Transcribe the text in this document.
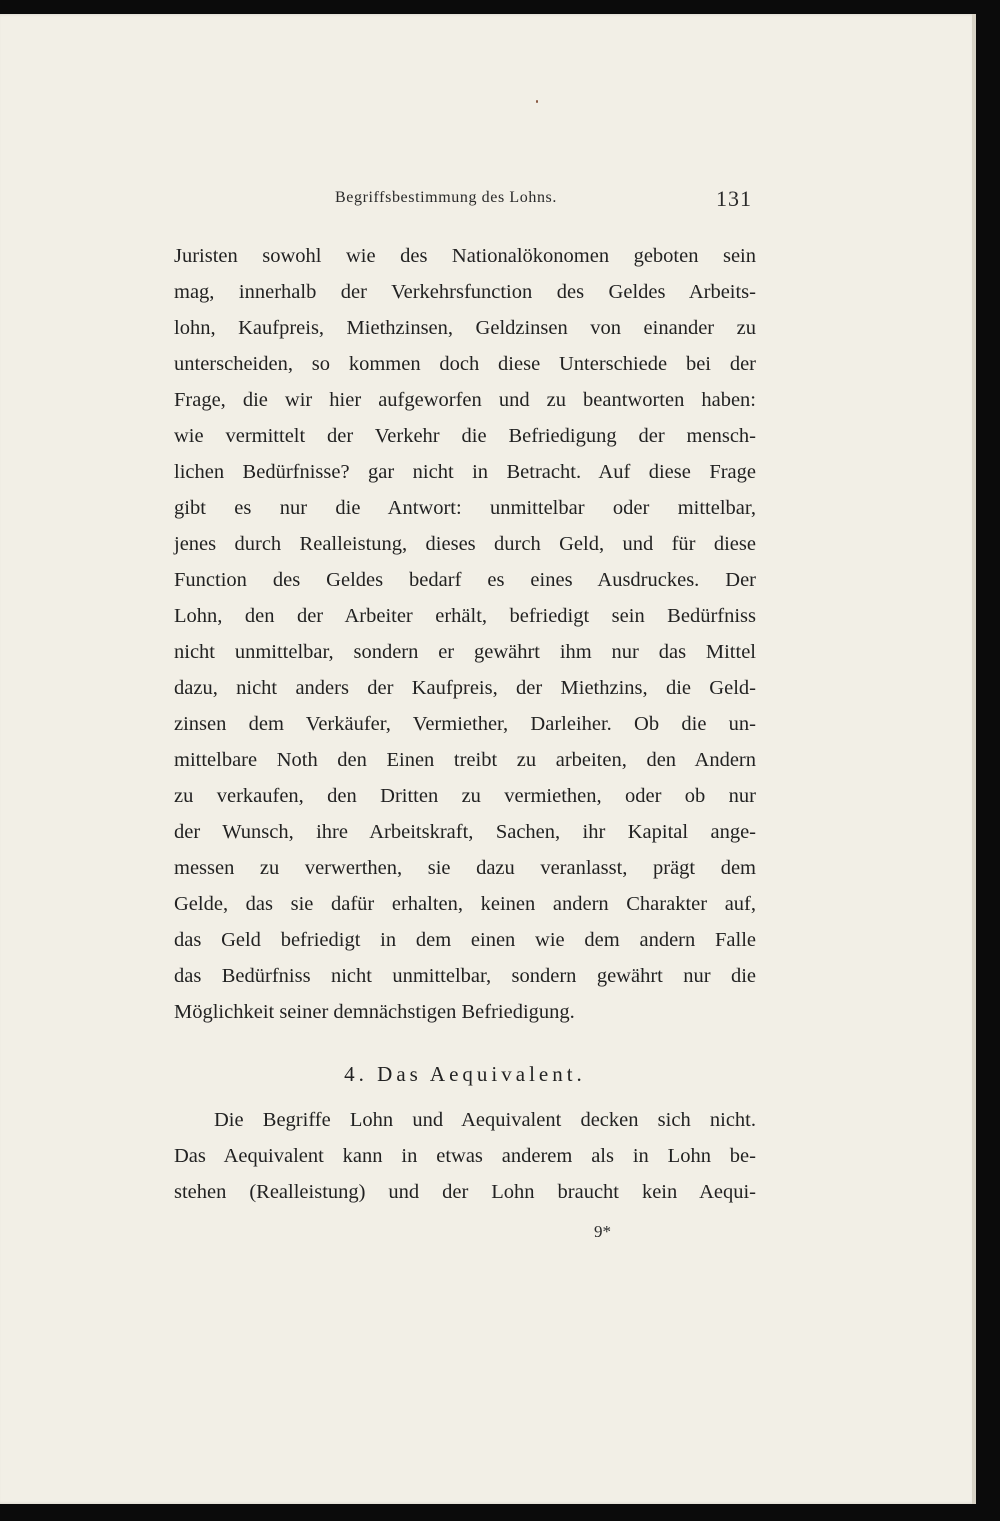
Begriffsbestimmung des Lohns.	131
Juristen sowohl wie des Nationalökonomen geboten sein
mag, innerhalb der Verkehrsfunction des Geldes Arbeits-
lohn, Kaufpreis, Miethzinsen, Geldzinsen von einander zu
unterscheiden, so kommen doch diese Unterschiede bei der
Frage, die wir hier aufgeworfen und zu beantworten haben:
wie vermittelt der Verkehr die Befriedigung der mensch-
lichen Bedürfnisse? gar nicht in Betracht. Auf diese Frage
gibt es nur die Antwort: unmittelbar oder mittelbar,
jenes durch Realleistung, dieses durch Geld, und für diese
Function des Geldes bedarf es eines Ausdruckes. Der
Lohn, den der Arbeiter erhält, befriedigt sein Bedürfniss
nicht unmittelbar, sondern er gewährt ihm nur das Mittel
dazu, nicht anders der Kaufpreis, der Miethzins, die Geld-
zinsen dem Verkäufer, Vermiether, Darleiher. Ob die un-
mittelbare Noth den Einen treibt zu arbeiten, den Andern
zu verkaufen, den Dritten zu vermiethen, oder ob nur
der Wunsch, ihre Arbeitskraft, Sachen, ihr Kapital ange-
messen zu verwerthen, sie dazu veranlasst, prägt dem
Gelde, das sie dafür erhalten, keinen andern Charakter auf,
das Geld befriedigt in dem einen wie dem andern Falle
das Bedürfniss nicht unmittelbar, sondern gewährt nur die
Möglichkeit seiner demnächstigen Befriedigung.
4. Das Aequivalent.
Die Begriffe Lohn und Aequivalent decken sich nicht.
Das Aequivalent kann in etwas anderem als in Lohn be-
stehen (Realleistung) und der Lohn braucht kein Aequi-
9*
